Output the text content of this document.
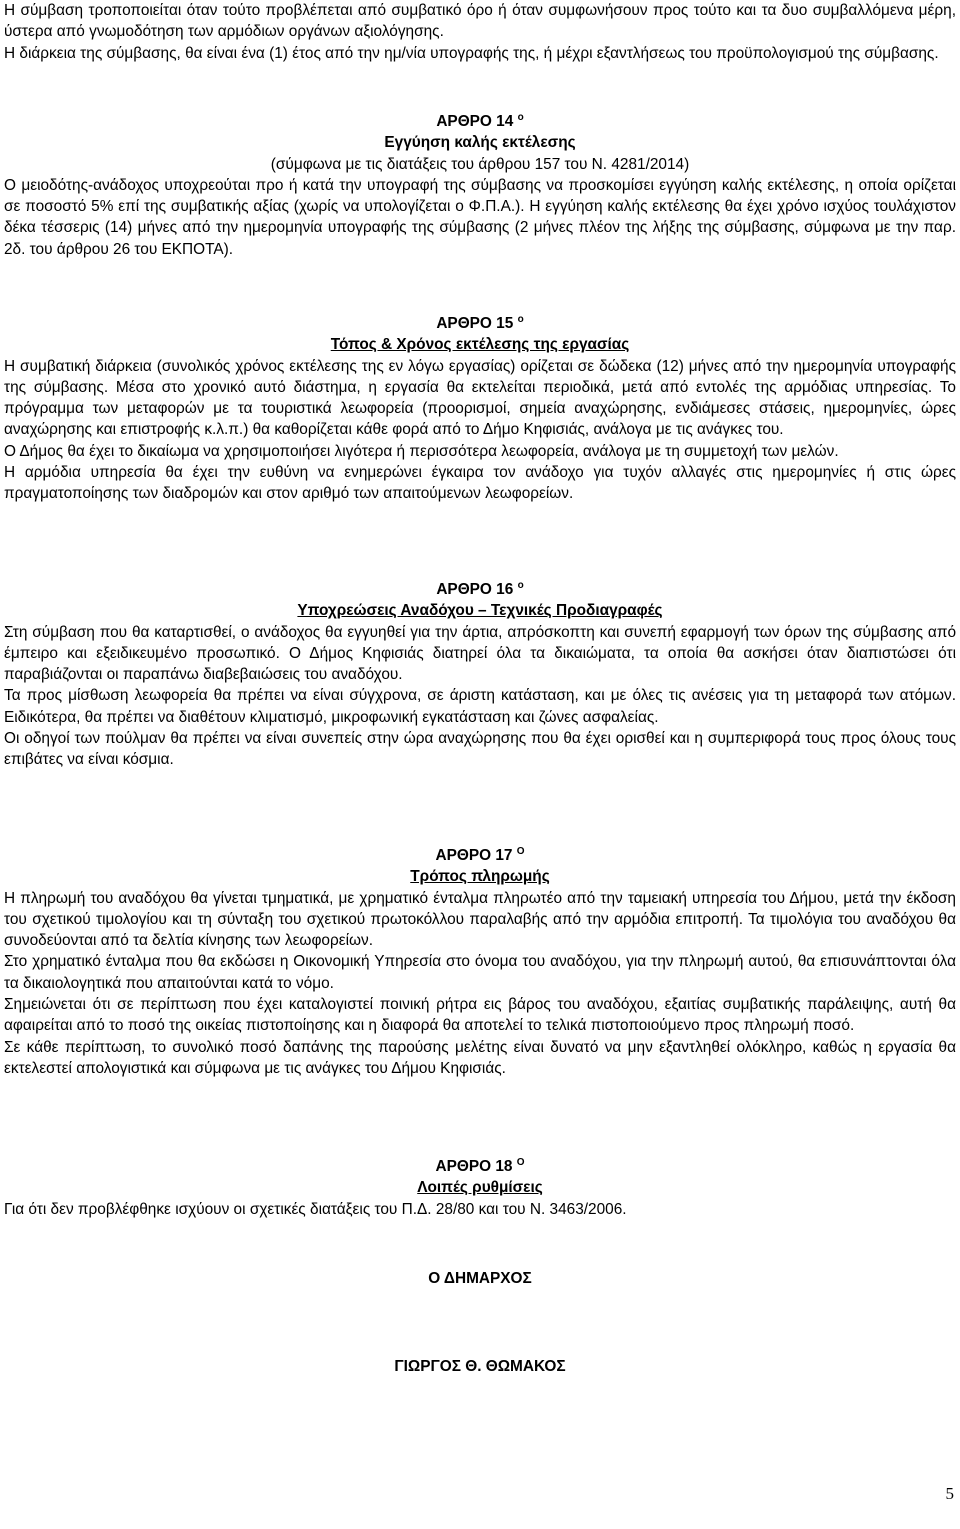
Η σύμβαση τροποποιείται όταν τούτο προβλέπεται από συμβατικό όρο ή όταν συμφωνήσουν προς τούτο και τα δυο συμβαλλόμενα μέρη, ύστερα από γνωμοδότηση των αρμόδιων οργάνων αξιολόγησης.

Η διάρκεια της σύμβασης, θα είναι ένα (1) έτος από την ημ/νία υπογραφής της, ή μέχρι εξαντλήσεως του προϋπολογισμού της σύμβασης.

ΑΡΘΡΟ 14 $^o$
Εγγύηση καλής εκτέλεσης
(σύμφωνα με τις διατάξεις του άρθρου 157 του Ν. 4281/2014)

Ο μειοδότης-ανάδοχος υποχρεούται προ ή κατά την υπογραφή της σύμβασης να προσκομίσει εγγύηση καλής εκτέλεσης, η οποία ορίζεται σε ποσοστό 5% επί της συμβατικής αξίας (χωρίς να υπολογίζεται ο Φ.Π.Α.). Η εγγύηση καλής εκτέλεσης θα έχει χρόνο ισχύος τουλάχιστον δέκα τέσσερις (14) μήνες από την ημερομηνία υπογραφής της σύμβασης (2 μήνες πλέον της λήξης της σύμβασης, σύμφωνα με την παρ. 2δ. του άρθρου 26 του ΕΚΠΟΤΑ).

ΑΡΘΡΟ 15 $^o$
Τόπος & Χρόνος εκτέλεσης της εργασίας

Η συμβατική διάρκεια (συνολικός χρόνος εκτέλεσης της εν λόγω εργασίας) ορίζεται σε δώδεκα (12) μήνες από την ημερομηνία υπογραφής της σύμβασης. Μέσα στο χρονικό αυτό διάστημα, η εργασία θα εκτελείται περιοδικά, μετά από εντολές της αρμόδιας υπηρεσίας. Το πρόγραμμα των μεταφορών με τα τουριστικά λεωφορεία (προορισμοί, σημεία αναχώρησης, ενδιάμεσες στάσεις, ημερομηνίες, ώρες αναχώρησης και επιστροφής κ.λ.π.) θα καθορίζεται κάθε φορά από το Δήμο Κηφισιάς, ανάλογα με τις ανάγκες του.

Ο Δήμος θα έχει το δικαίωμα να χρησιμοποιήσει λιγότερα ή περισσότερα λεωφορεία, ανάλογα με τη συμμετοχή των μελών.

Η αρμόδια υπηρεσία θα έχει την ευθύνη να ενημερώνει έγκαιρα τον ανάδοχο για τυχόν αλλαγές στις ημερομηνίες ή στις ώρες πραγματοποίησης των διαδρομών και στον αριθμό των απαιτούμενων λεωφορείων.

ΑΡΘΡΟ 16 $^o$
Υποχρεώσεις Αναδόχου – Τεχνικές Προδιαγραφές

Στη σύμβαση που θα καταρτισθεί, ο ανάδοχος θα εγγυηθεί για την άρτια, απρόσκοπτη και συνεπή εφαρμογή των όρων της σύμβασης από έμπειρο και εξειδικευμένο προσωπικό. Ο Δήμος Κηφισιάς διατηρεί όλα τα δικαιώματα, τα οποία θα ασκήσει όταν διαπιστώσει ότι παραβιάζονται οι παραπάνω διαβεβαιώσεις του αναδόχου.

Τα προς μίσθωση λεωφορεία θα πρέπει να είναι σύγχρονα, σε άριστη κατάσταση, και με όλες τις ανέσεις για τη μεταφορά των ατόμων. Ειδικότερα, θα πρέπει να διαθέτουν κλιματισμό, μικροφωνική εγκατάσταση και ζώνες ασφαλείας.

Οι οδηγοί των πούλμαν θα πρέπει να είναι συνεπείς στην ώρα αναχώρησης που θα έχει ορισθεί και η συμπεριφορά τους προς όλους τους επιβάτες να είναι κόσμια.

ΑΡΘΡΟ 17 $^O$
Τρόπος πληρωμής

Η πληρωμή του αναδόχου θα γίνεται τμηματικά, με χρηματικό ένταλμα πληρωτέο από την ταμειακή υπηρεσία του Δήμου, μετά την έκδοση του σχετικού τιμολογίου και τη σύνταξη του σχετικού πρωτοκόλλου παραλαβής από την αρμόδια επιτροπή. Τα τιμολόγια του αναδόχου θα συνοδεύονται από τα δελτία κίνησης των λεωφορείων.

Στο χρηματικό ένταλμα που θα εκδώσει η Οικονομική Υπηρεσία στο όνομα του αναδόχου, για την πληρωμή αυτού, θα επισυνάπτονται όλα τα δικαιολογητικά που απαιτούνται κατά το νόμο.

Σημειώνεται ότι σε περίπτωση που έχει καταλογιστεί ποινική ρήτρα εις βάρος του αναδόχου, εξαιτίας συμβατικής παράλειψης, αυτή θα αφαιρείται από το ποσό της οικείας πιστοποίησης και η διαφορά θα αποτελεί το τελικά πιστοποιούμενο προς πληρωμή ποσό.

Σε κάθε περίπτωση, το συνολικό ποσό δαπάνης της παρούσης μελέτης είναι δυνατό να μην εξαντληθεί ολόκληρο, καθώς η εργασία θα εκτελεστεί απολογιστικά και σύμφωνα με τις ανάγκες του Δήμου Κηφισιάς.

ΑΡΘΡΟ 18 $^O$
Λοιπές ρυθμίσεις

Για ότι δεν προβλέφθηκε ισχύουν οι σχετικές διατάξεις του Π.Δ. 28/80 και του Ν. 3463/2006.

Ο ΔΗΜΑΡΧΟΣ
ΓΙΩΡΓΟΣ Θ. ΘΩΜΑΚΟΣ
5
